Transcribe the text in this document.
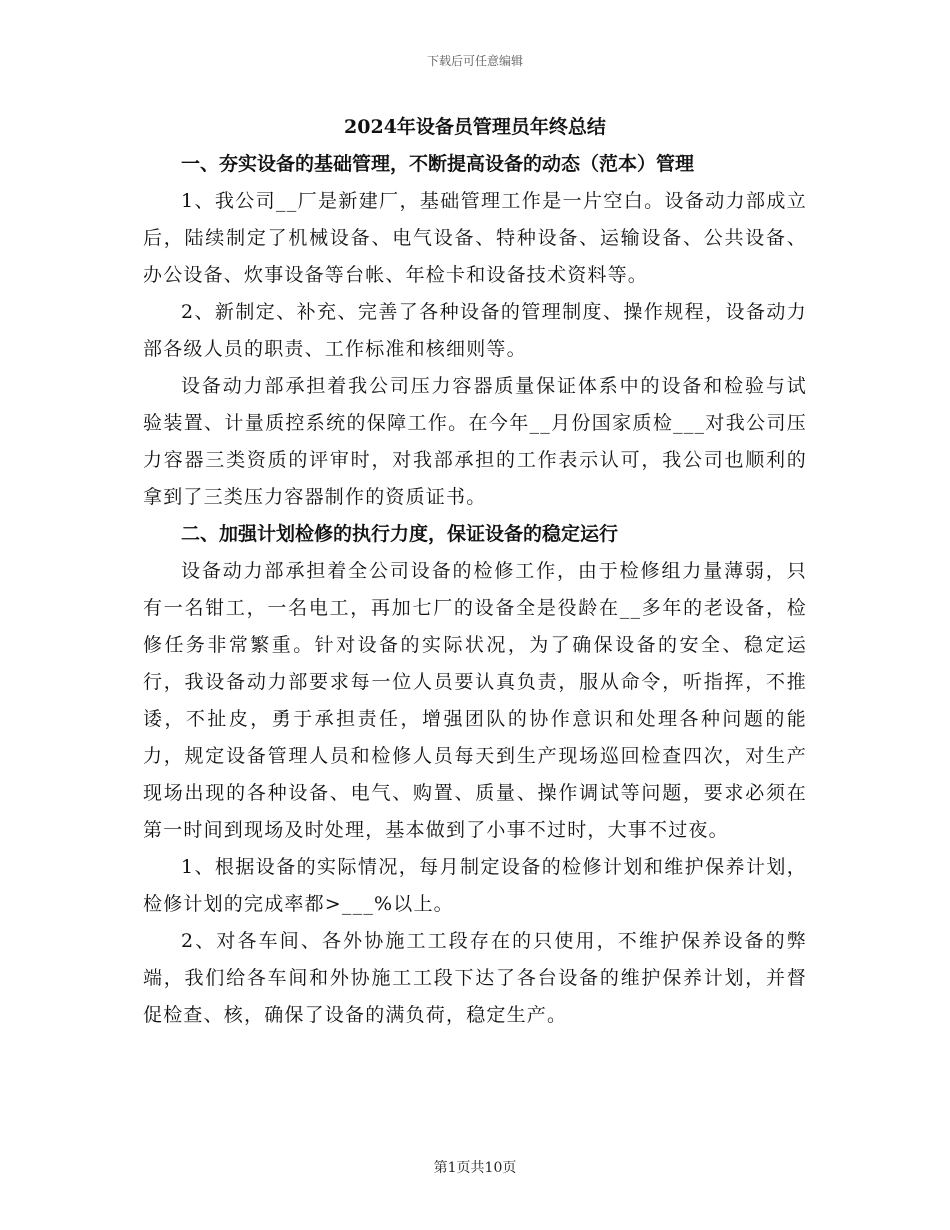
下载后可任意编辑
2024年设备员管理员年终总结
一、夯实设备的基础管理，不断提高设备的动态（范本）管理

1、我公司__厂是新建厂，基础管理工作是一片空白。设备动力部成立后，陆续制定了机械设备、电气设备、特种设备、运输设备、公共设备、办公设备、炊事设备等台帐、年检卡和设备技术资料等。

2、新制定、补充、完善了各种设备的管理制度、操作规程，设备动力部各级人员的职责、工作标准和核细则等。

设备动力部承担着我公司压力容器质量保证体系中的设备和检验与试验装置、计量质控系统的保障工作。在今年__月份国家质检___对我公司压力容器三类资质的评审时，对我部承担的工作表示认可，我公司也顺利的拿到了三类压力容器制作的资质证书。

二、加强计划检修的执行力度，保证设备的稳定运行

设备动力部承担着全公司设备的检修工作，由于检修组力量薄弱，只有一名钳工，一名电工，再加七厂的设备全是役龄在__多年的老设备，检修任务非常繁重。针对设备的实际状况，为了确保设备的安全、稳定运行，我设备动力部要求每一位人员要认真负责，服从命令，听指挥，不推诿，不扯皮，勇于承担责任，增强团队的协作意识和处理各种问题的能力，规定设备管理人员和检修人员每天到生产现场巡回检查四次，对生产现场出现的各种设备、电气、购置、质量、操作调试等问题，要求必须在第一时间到现场及时处理，基本做到了小事不过时，大事不过夜。

1、根据设备的实际情况，每月制定设备的检修计划和维护保养计划，检修计划的完成率都>___%以上。

2、对各车间、各外协施工工段存在的只使用，不维护保养设备的弊端，我们给各车间和外协施工工段下达了各台设备的维护保养计划，并督促检查、核，确保了设备的满负荷，稳定生产。

第1页共10页
